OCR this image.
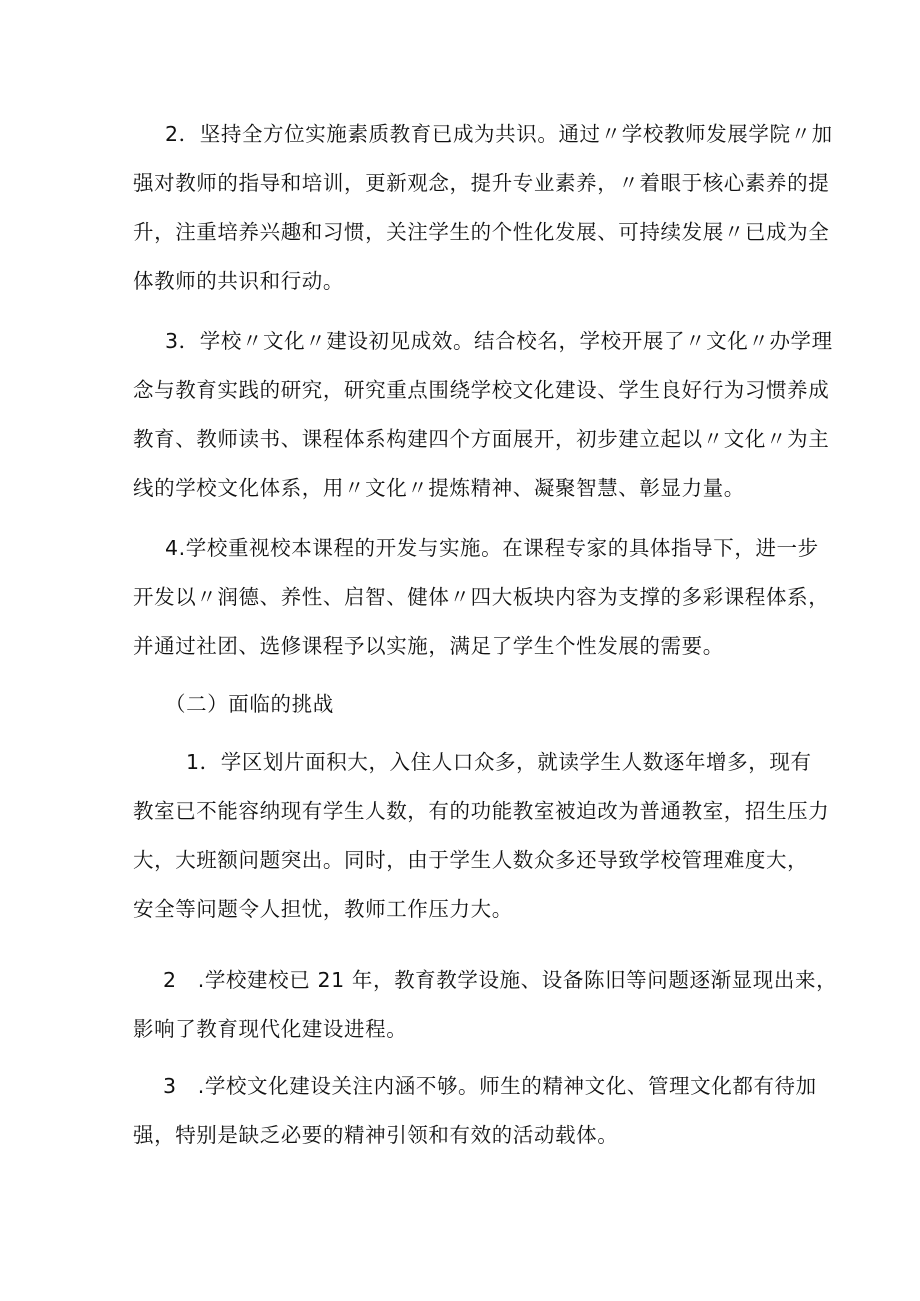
2．坚持全方位实施素质教育已成为共识。通过〃学校教师发展学院〃加
强对教师的指导和培训，更新观念，提升专业素养，〃着眼于核心素养的提
升，注重培养兴趣和习惯，关注学生的个性化发展、可持续发展〃已成为全
体教师的共识和行动。
3．学校〃文化〃建设初见成效。结合校名，学校开展了〃文化〃办学理
念与教育实践的研究，研究重点围绕学校文化建设、学生良好行为习惯养成
教育、教师读书、课程体系构建四个方面展开，初步建立起以〃文化〃为主
线的学校文化体系，用〃文化〃提炼精神、凝聚智慧、彰显力量。
4.学校重视校本课程的开发与实施。在课程专家的具体指导下，进一步
开发以〃润德、养性、启智、健体〃四大板块内容为支撑的多彩课程体系，
并通过社团、选修课程予以实施，满足了学生个性发展的需要。
（二）面临的挑战
1．学区划片面积大，入住人口众多，就读学生人数逐年增多，现有
教室已不能容纳现有学生人数，有的功能教室被迫改为普通教室，招生压力
大，大班额问题突出。同时，由于学生人数众多还导致学校管理难度大，
安全等问题令人担忧，教师工作压力大。
2　.学校建校已 21 年，教育教学设施、设备陈旧等问题逐渐显现出来，
影响了教育现代化建设进程。
3　.学校文化建设关注内涵不够。师生的精神文化、管理文化都有待加
强，特别是缺乏必要的精神引领和有效的活动载体。
